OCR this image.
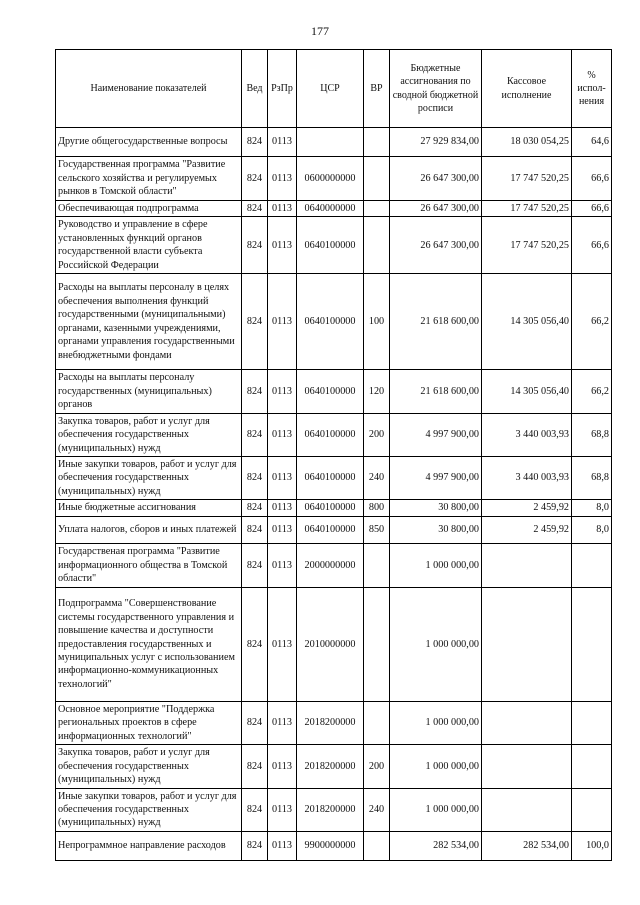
177
Наименование показателей	Вед	РзПр	ЦСР	ВР	Бюджетные ассигнования по сводной бюджетной росписи	Кассовое исполнение	% испол-нения
Другие общегосударственные вопросы	824	0113			27 929 834,00	18 030 054,25	64,6
Государственная программа "Развитие сельского хозяйства и регулируемых рынков в Томской области"	824	0113	0600000000		26 647 300,00	17 747 520,25	66,6
Обеспечивающая подпрограмма	824	0113	0640000000		26 647 300,00	17 747 520,25	66,6
Руководство и управление в сфере установленных функций органов государственной власти субъекта Российской Федерации	824	0113	0640100000		26 647 300,00	17 747 520,25	66,6
Расходы на выплаты персоналу в целях обеспечения выполнения функций государственными (муниципальными) органами, казенными учреждениями, органами управления государственными внебюджетными фондами	824	0113	0640100000	100	21 618 600,00	14 305 056,40	66,2
Расходы на выплаты персоналу государственных (муниципальных) органов	824	0113	0640100000	120	21 618 600,00	14 305 056,40	66,2
Закупка товаров, работ и услуг для обеспечения государственных (муниципальных) нужд	824	0113	0640100000	200	4 997 900,00	3 440 003,93	68,8
Иные закупки товаров, работ и услуг для обеспечения государственных (муниципальных) нужд	824	0113	0640100000	240	4 997 900,00	3 440 003,93	68,8
Иные бюджетные ассигнования	824	0113	0640100000	800	30 800,00	2 459,92	8,0
Уплата налогов, сборов и иных платежей	824	0113	0640100000	850	30 800,00	2 459,92	8,0
Государственая программа "Развитие информационного общества в Томской области"	824	0113	2000000000		1 000 000,00		
Подпрограмма "Совершенствование системы государственного управления и повышение качества и доступности предоставления государственных и муниципальных услуг с использованием информационно-коммуникационных технологий"	824	0113	2010000000		1 000 000,00		
Основное мероприятие "Поддержка региональных проектов в сфере информационных технологий"	824	0113	2018200000		1 000 000,00		
Закупка товаров, работ и услуг для обеспечения государственных (муниципальных) нужд	824	0113	2018200000	200	1 000 000,00		
Иные закупки товаров, работ и услуг для обеспечения государственных (муниципальных) нужд	824	0113	2018200000	240	1 000 000,00		
Непрограммное направление расходов	824	0113	9900000000		282 534,00	282 534,00	100,0
